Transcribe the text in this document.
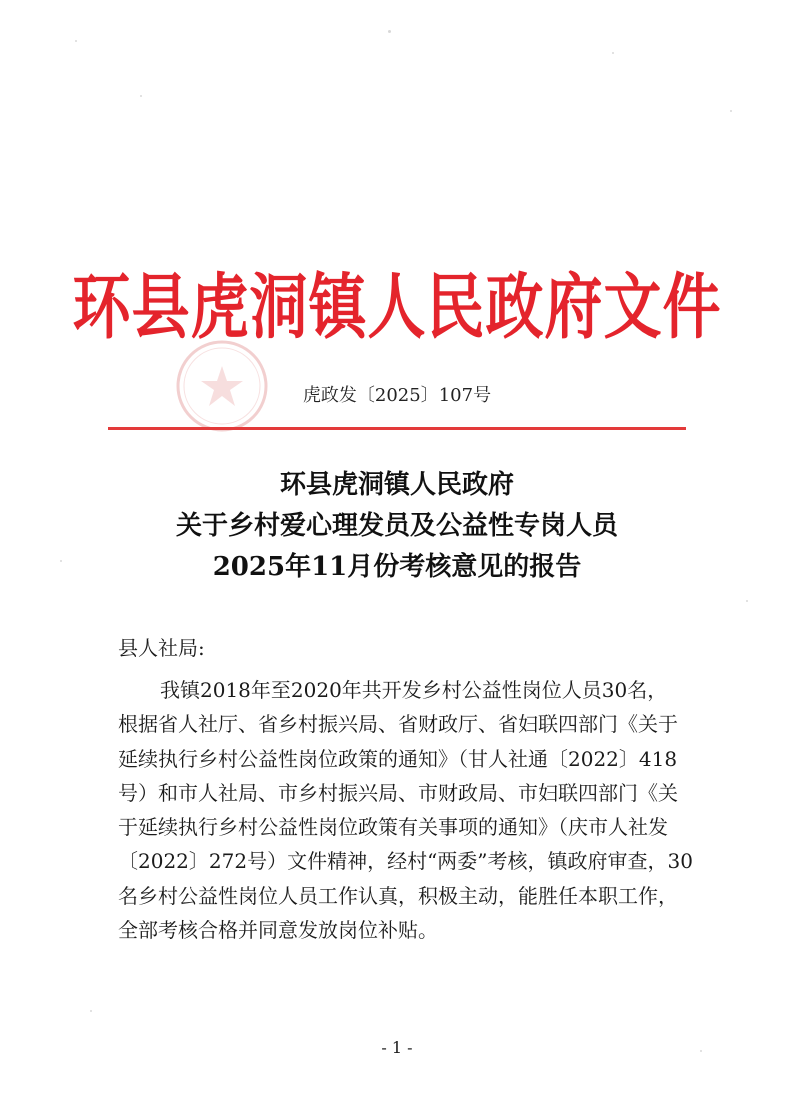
环县虎洞镇人民政府文件
虎政发〔2025〕107号
环县虎洞镇人民政府
关于乡村爱心理发员及公益性专岗人员
2025年11月份考核意见的报告
县人社局:
我镇2018年至2020年共开发乡村公益性岗位人员30名，
根据省人社厅、省乡村振兴局、省财政厅、省妇联四部门《关于
延续执行乡村公益性岗位政策的通知》（甘人社通〔2022〕418
号）和市人社局、市乡村振兴局、市财政局、市妇联四部门《关
于延续执行乡村公益性岗位政策有关事项的通知》（庆市人社发
〔2022〕272号）文件精神，经村“两委”考核，镇政府审查，30
名乡村公益性岗位人员工作认真，积极主动，能胜任本职工作，
全部考核合格并同意发放岗位补贴。
- 1 -
